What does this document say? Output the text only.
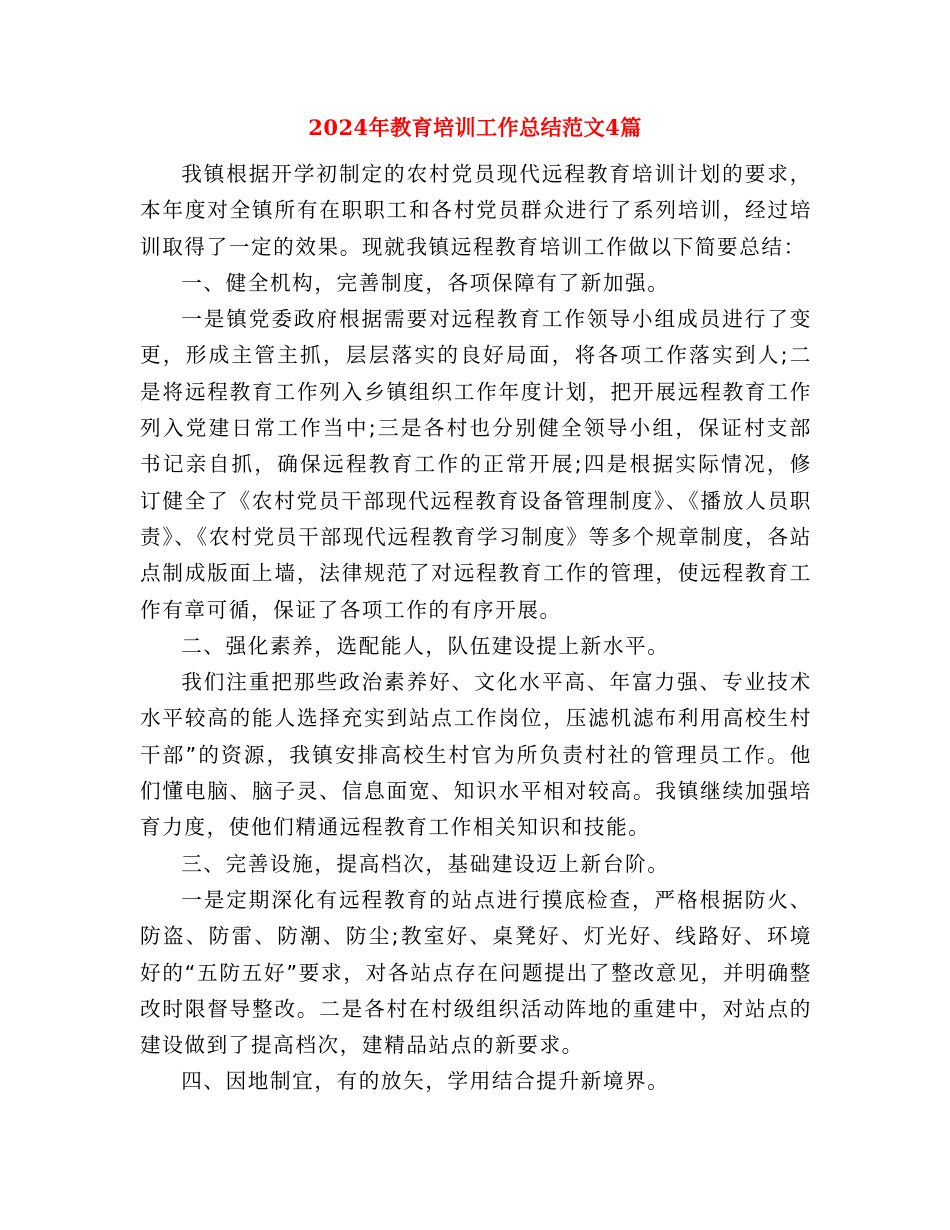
2024年教育培训工作总结范文4篇

我镇根据开学初制定的农村党员现代远程教育培训计划的要求，本年度对全镇所有在职职工和各村党员群众进行了系列培训，经过培训取得了一定的效果。现就我镇远程教育培训工作做以下简要总结：

一、健全机构，完善制度，各项保障有了新加强。

一是镇党委政府根据需要对远程教育工作领导小组成员进行了变更，形成主管主抓，层层落实的良好局面，将各项工作落实到人;二是将远程教育工作列入乡镇组织工作年度计划，把开展远程教育工作列入党建日常工作当中;三是各村也分别健全领导小组，保证村支部书记亲自抓，确保远程教育工作的正常开展;四是根据实际情况，修订健全了《农村党员干部现代远程教育设备管理制度》、《播放人员职责》、《农村党员干部现代远程教育学习制度》等多个规章制度，各站点制成版面上墙，法律规范了对远程教育工作的管理，使远程教育工作有章可循，保证了各项工作的有序开展。

二、强化素养，选配能人，队伍建设提上新水平。

我们注重把那些政治素养好、文化水平高、年富力强、专业技术水平较高的能人选择充实到站点工作岗位，压滤机滤布利用高校生村干部”的资源，我镇安排高校生村官为所负责村社的管理员工作。他们懂电脑、脑子灵、信息面宽、知识水平相对较高。我镇继续加强培育力度，使他们精通远程教育工作相关知识和技能。

三、完善设施，提高档次，基础建设迈上新台阶。

一是定期深化有远程教育的站点进行摸底检查，严格根据防火、防盗、防雷、防潮、防尘;教室好、桌凳好、灯光好、线路好、环境好的“五防五好”要求，对各站点存在问题提出了整改意见，并明确整改时限督导整改。二是各村在村级组织活动阵地的重建中，对站点的建设做到了提高档次，建精品站点的新要求。

四、因地制宜，有的放矢，学用结合提升新境界。
